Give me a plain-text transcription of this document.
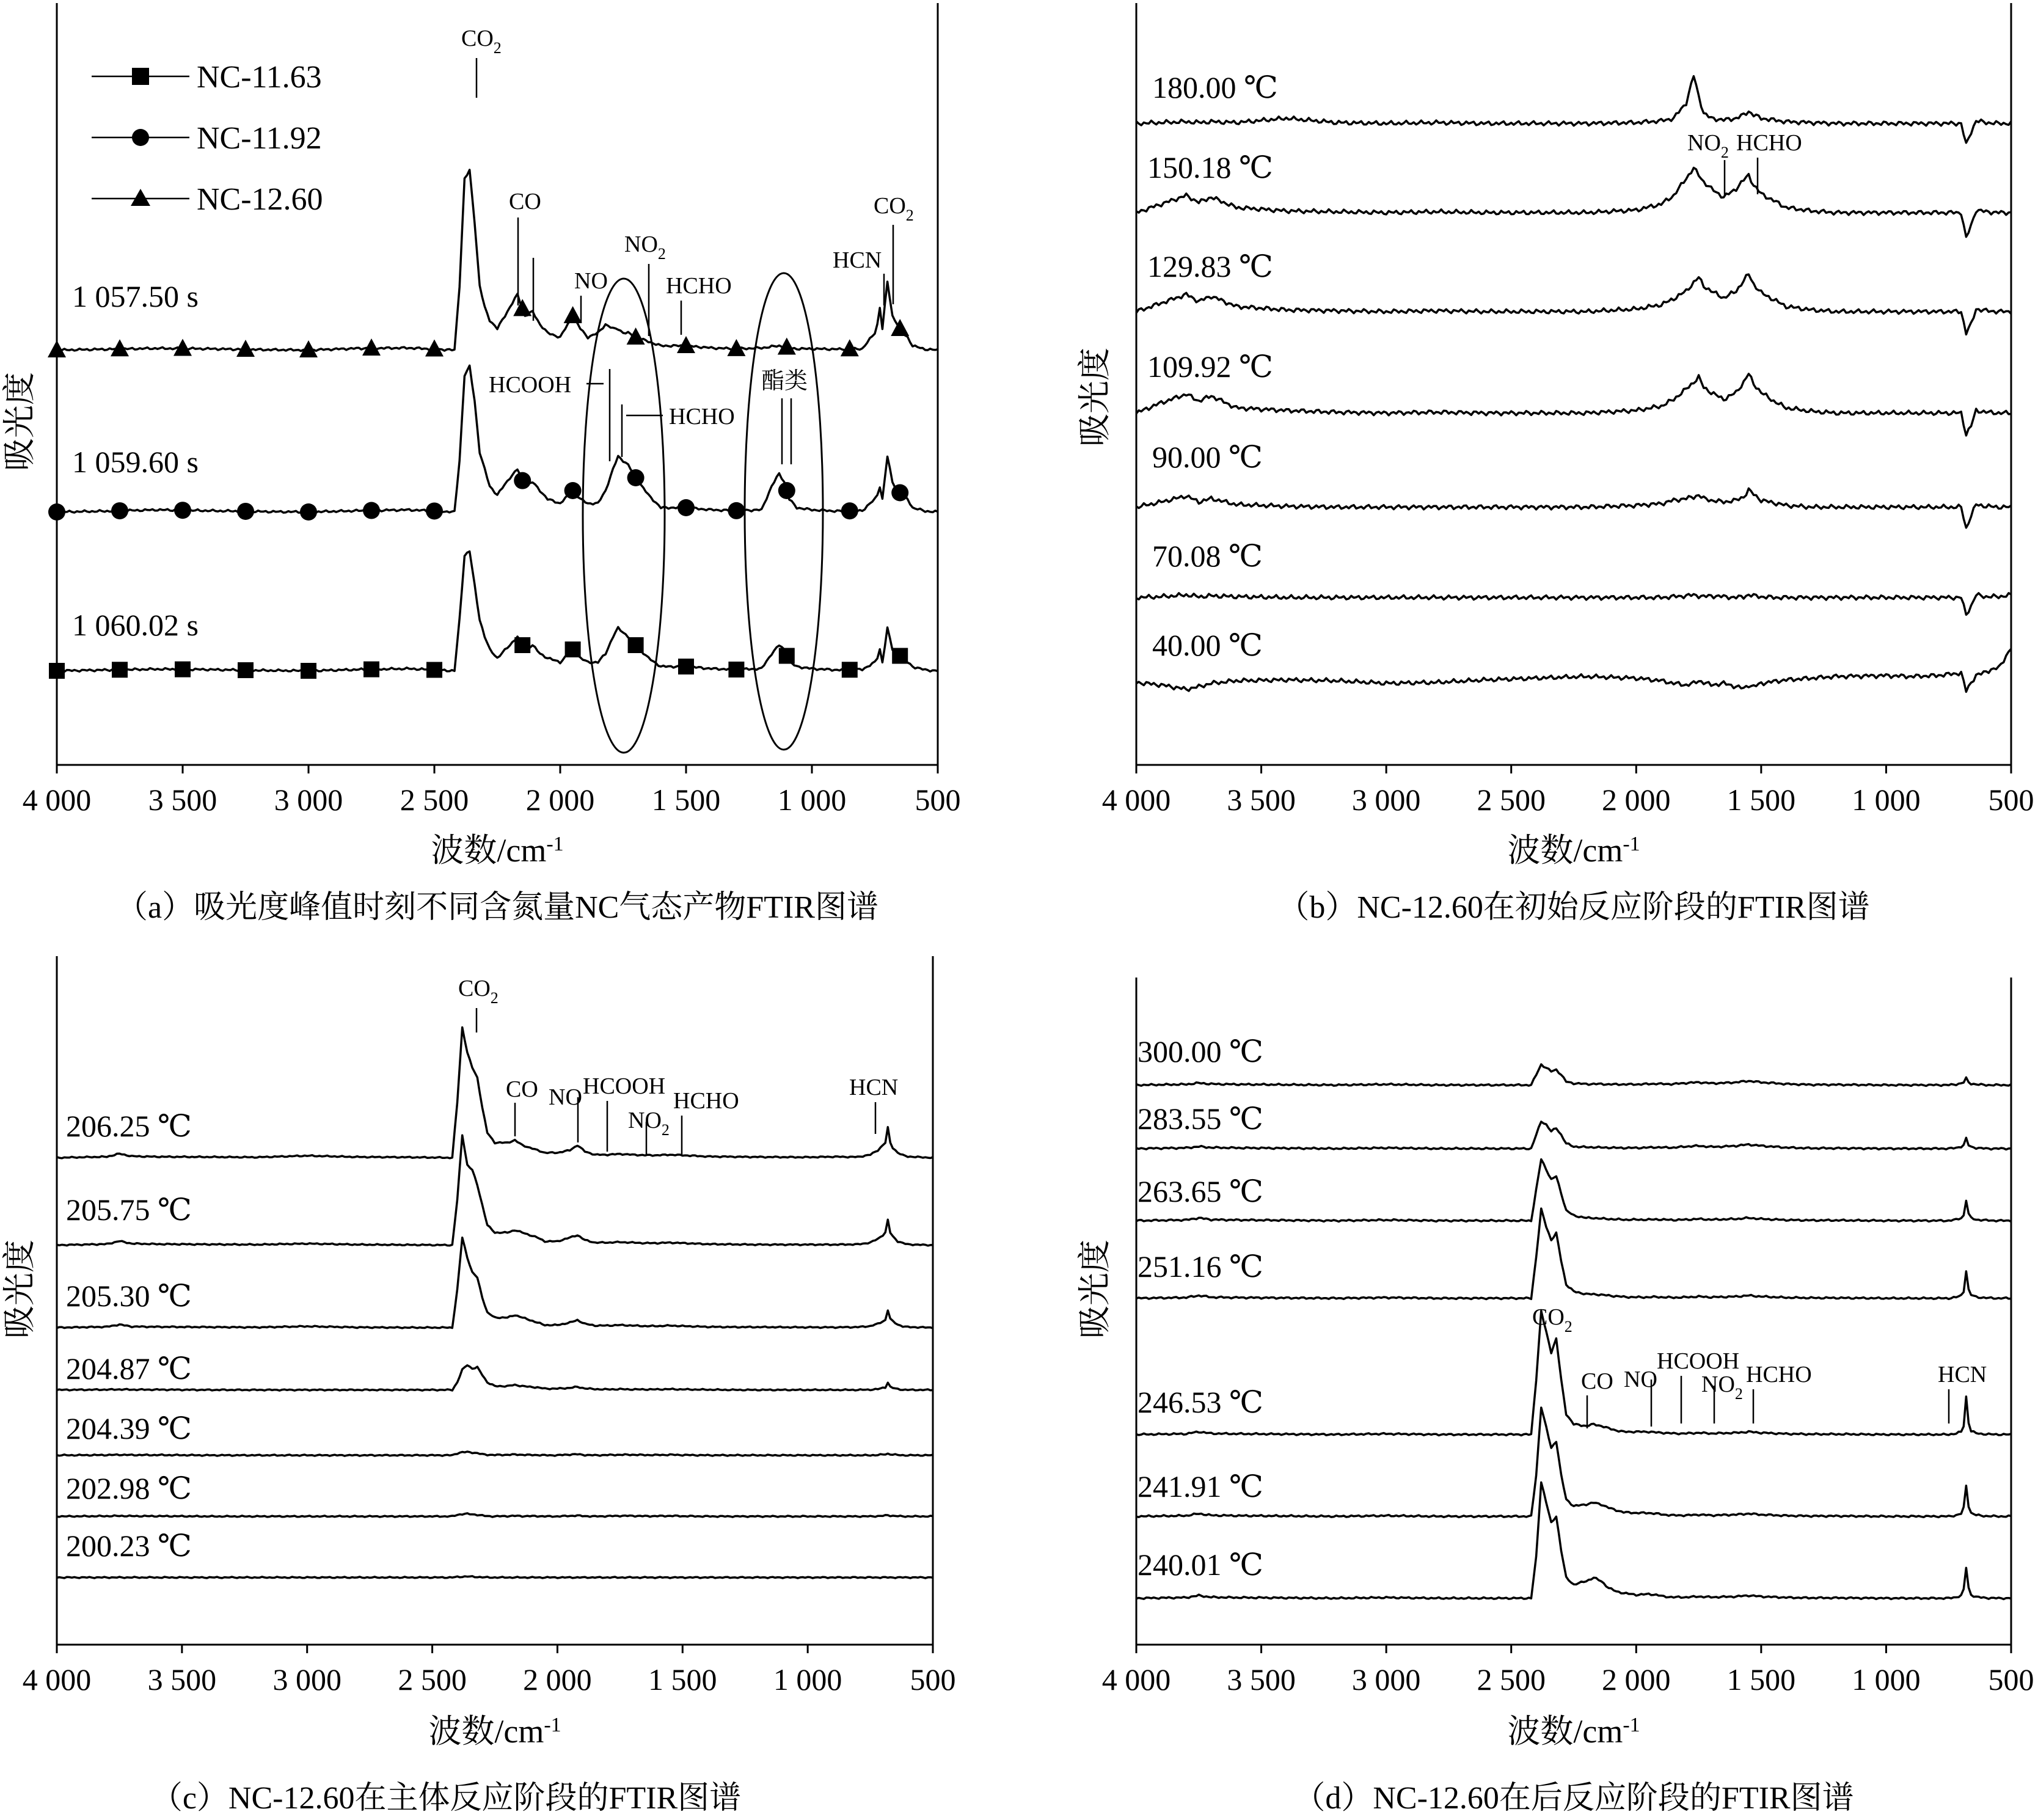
4 000 3 500 3 000 2 500 2 000 1 500 1 000 500
吸光度
波数$/cm^{-1}$
（a）吸光度峰值时刻不同含氮量NC气态产物FTIR图谱
1 057.50 s
1 059.60 s
1 060.02 s
NC-11.63
NC-11.92
NC-12.60
$CO_2$
CO
NO
$NO_2$
HCHO
HCN
$CO_2$
HCOOH
HCHO
酯类
4 000 3 500 3 000 2 500 2 000 1 500 1 000 500
吸光度
波数$/cm^{-1}$
（b）NC-12.60在初始反应阶段的FTIR图谱
40.00 ℃
70.08 ℃
90.00 ℃
109.92 ℃
129.83 ℃
150.18 ℃
180.00 ℃
$NO_2$ HCHO
4 000 3 500 3 000 2 500 2 000 1 500 1 000 500
吸光度
波数$/cm^{-1}$
（c）NC-12.60在主体反应阶段的FTIR图谱
200.23 ℃
202.98 ℃
204.39 ℃
204.87 ℃
205.30 ℃
205.75 ℃
206.25 ℃
$CO_2$
CO NO HCOOH
$NO_2$
HCHO
HCN
4 000 3 500 3 000 2 500 2 000 1 500 1 000 500
吸光度
波数$/cm^{-1}$
（d）NC-12.60在后反应阶段的FTIR图谱
240.01 ℃
241.91 ℃
246.53 ℃
251.16 ℃
263.65 ℃
283.55 ℃
300.00 ℃
$CO_2$
CO NO
HCOOH
$NO_2$
HCHO	HCN
